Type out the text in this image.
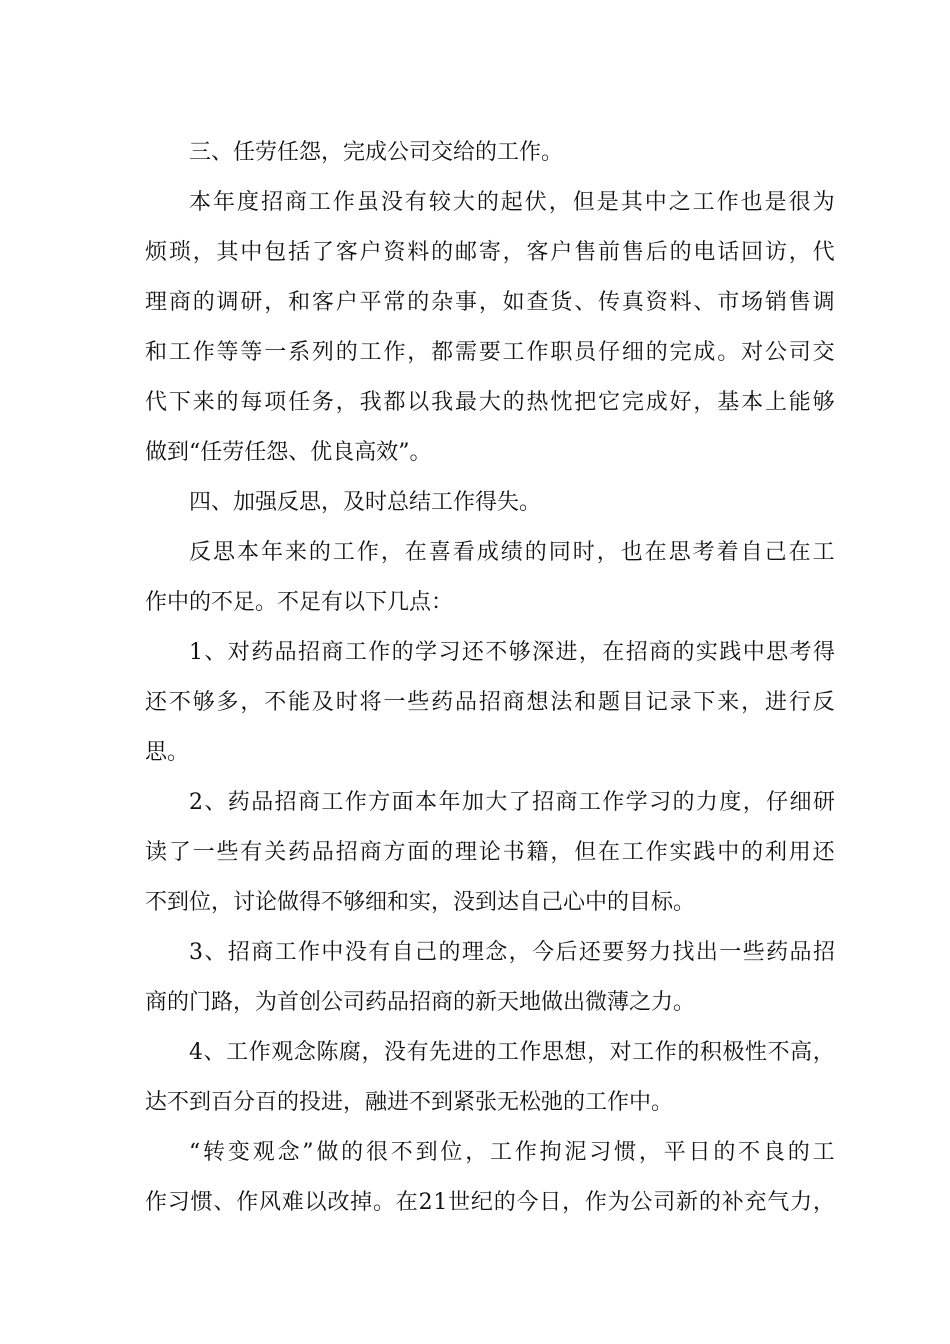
三、任劳任怨，完成公司交给的工作。
本 年 度 招 商 工 作 虽 没 有 较 大 的 起 伏 ， 但 是 其 中 之 工 作 也 是 很 为
烦 琐 ， 其 中 包 括 了 客 户 资 料 的 邮 寄 ， 客 户 售 前 售 后 的 电 话 回 访 ， 代
理 商 的 调 研 ， 和 客 户 平 常 的 杂 事 ， 如 查 货 、 传 真 资 料 、 市 场 销 售 调
和 工 作 等 等 一 系 列 的 工 作 ， 都 需 要 工 作 职 员 仔 细 的 完 成 。 对 公 司 交
代 下 来 的 每 项 任 务 ， 我 都 以 我 最 大 的 热 忱 把 它 完 成 好 ， 基 本 上 能 够
做到“任劳任怨、优良高效”。
四、加强反思，及时总结工作得失。
反 思 本 年 来 的 工 作 ， 在 喜 看 成 绩 的 同 时 ， 也 在 思 考 着 自 己 在 工
作中的不足。不足有以下几点：
1 、 对 药 品 招 商 工 作 的 学 习 还 不 够 深 进 ， 在 招 商 的 实 践 中 思 考 得
还 不 够 多 ， 不 能 及 时 将 一 些 药 品 招 商 想 法 和 题 目 记 录 下 来 ， 进 行 反
思。
2 、 药 品 招 商 工 作 方 面 本 年 加 大 了 招 商 工 作 学 习 的 力 度 ， 仔 细 研
读 了 一 些 有 关 药 品 招 商 方 面 的 理 论 书 籍 ， 但 在 工 作 实 践 中 的 利 用 还
不到位，讨论做得不够细和实，没到达自己心中的目标。
3 、 招 商 工 作 中 没 有 自 己 的 理 念 ， 今 后 还 要 努 力 找 出 一 些 药 品 招
商的门路，为首创公司药品招商的新天地做出微薄之力。
4 、 工 作 观 念 陈 腐 ， 没 有 先 进 的 工 作 思 想 ， 对 工 作 的 积 极 性 不 高 ，
达不到百分百的投进，融进不到紧张无松弛的工作中。
“ 转 变 观 念 ” 做 的 很 不 到 位 ， 工 作 拘 泥 习 惯 ， 平 日 的 不 良 的 工
作 习 惯 、 作 风 难 以 改 掉 。 在 2 1 世 纪 的 今 日 ， 作 为 公 司 新 的 补 充 气 力 ，
